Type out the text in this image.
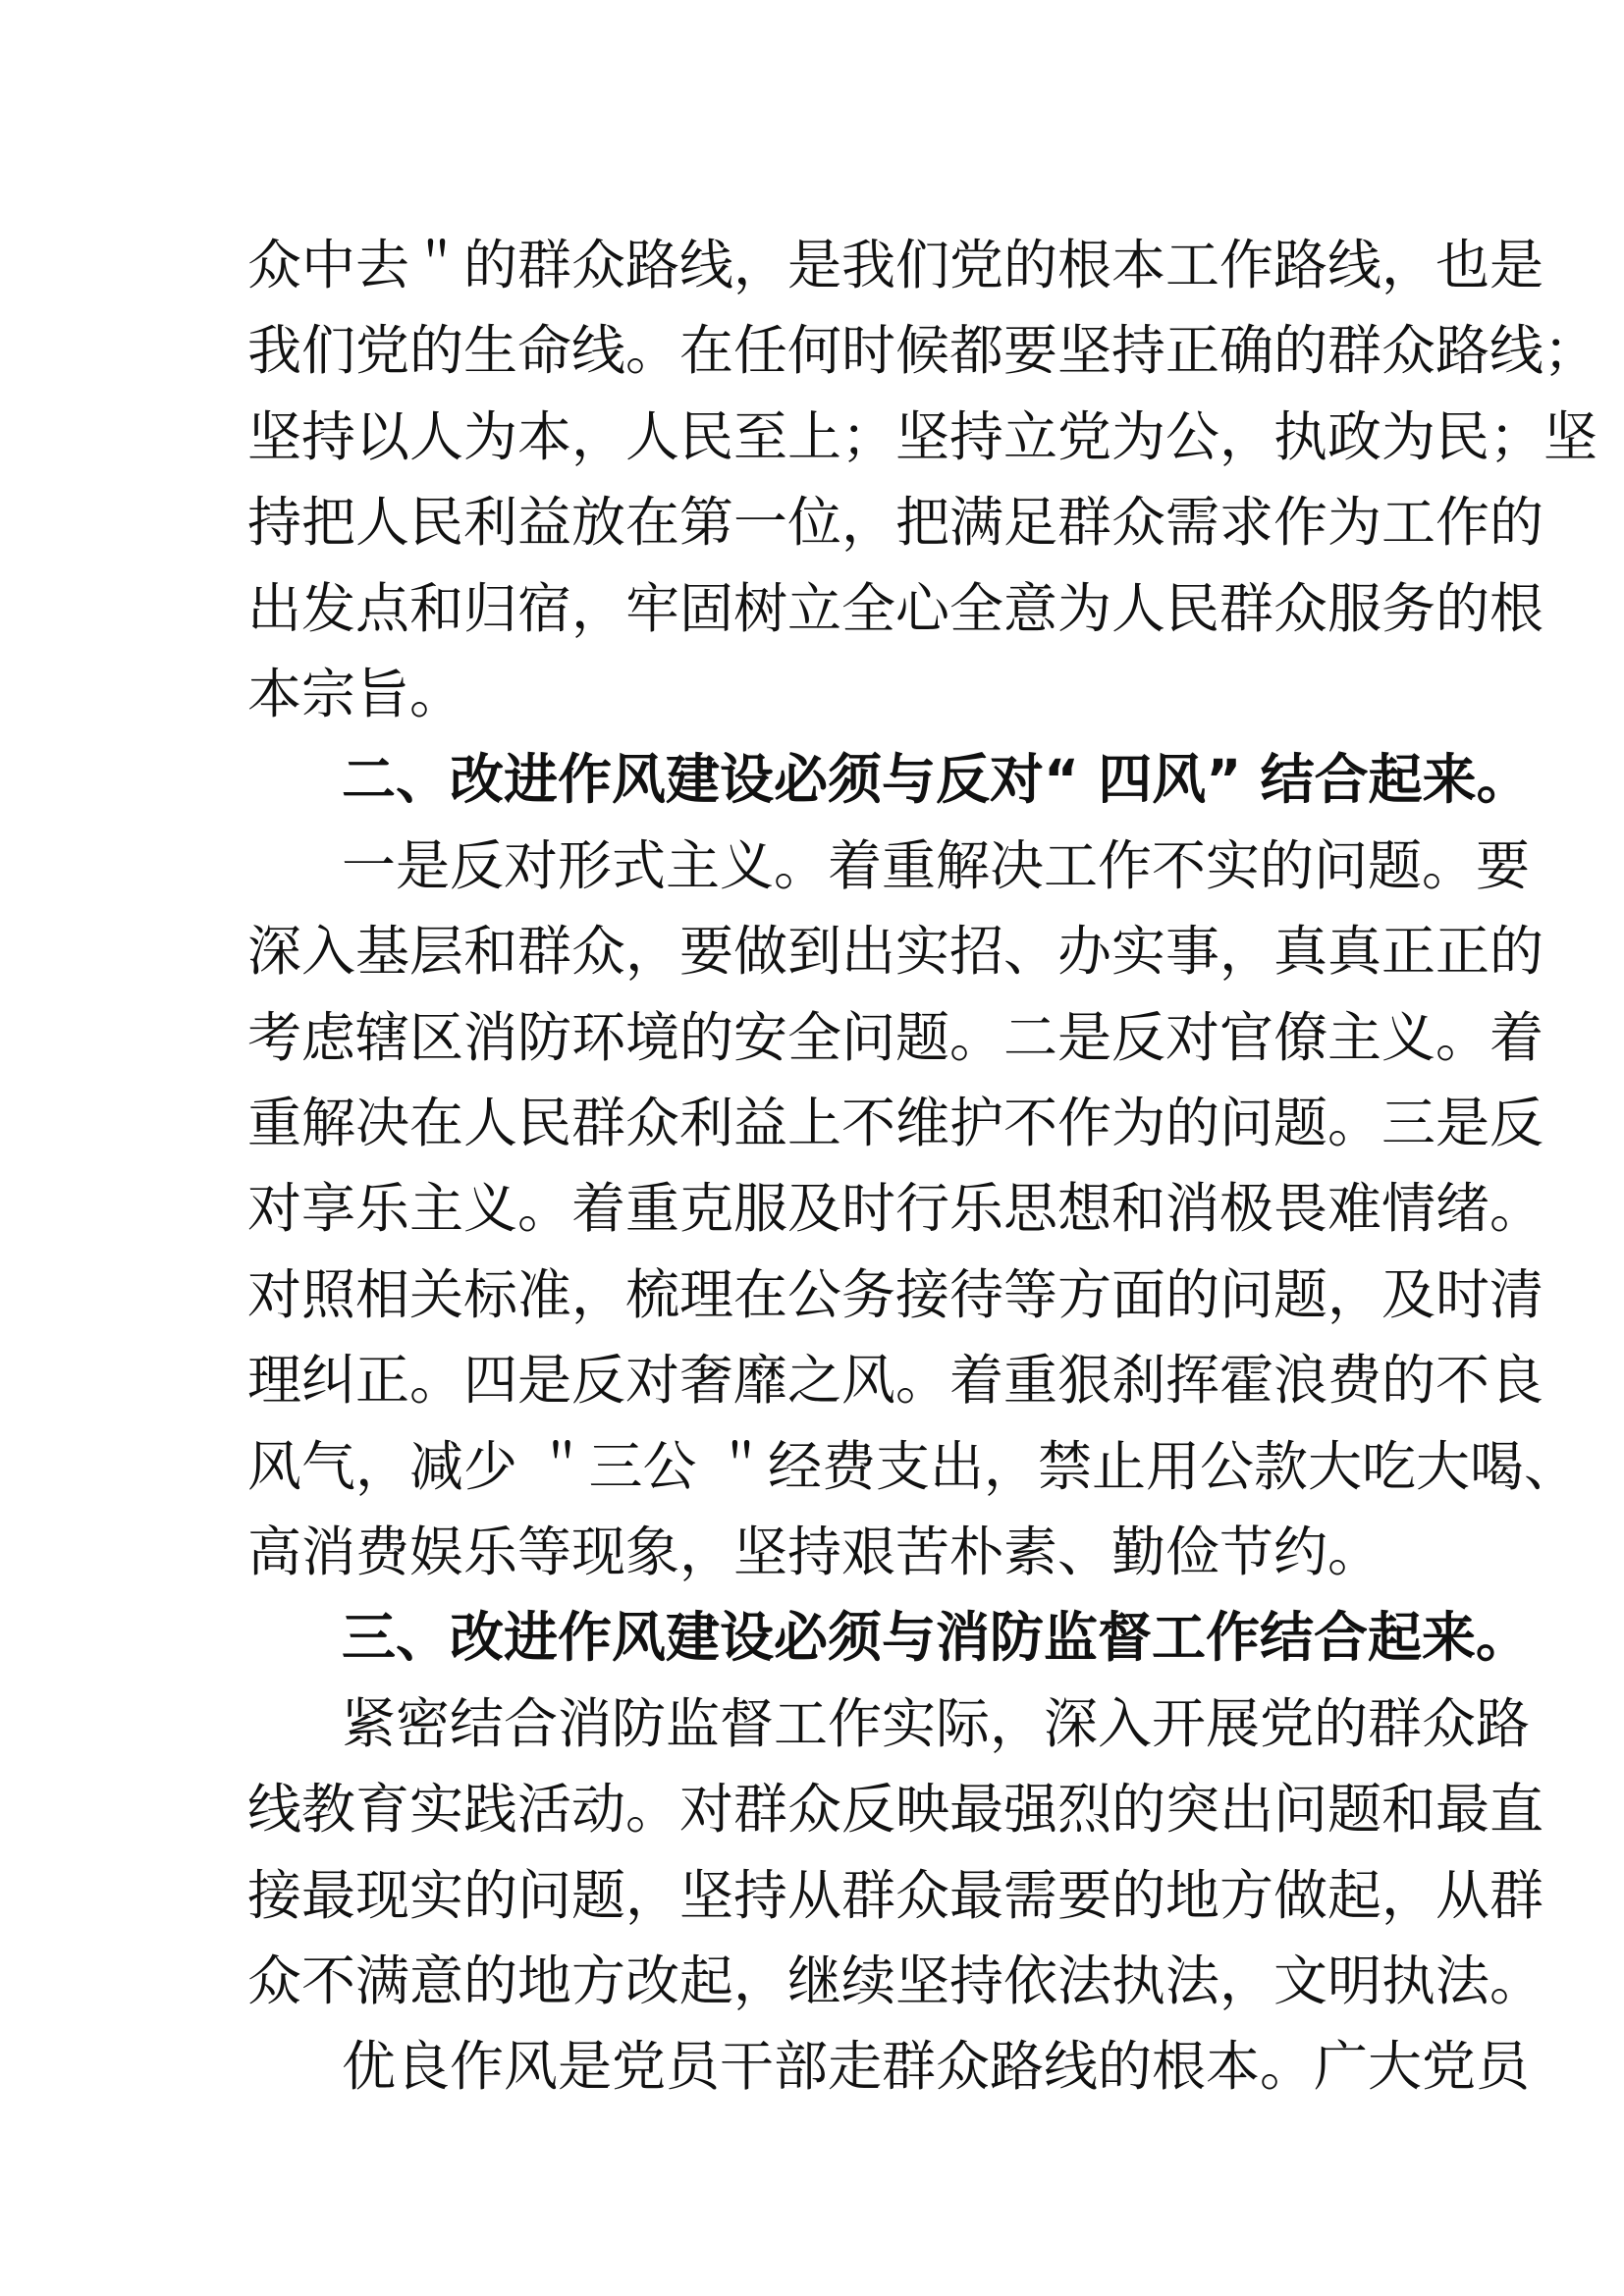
众中去＂的群众路线，是我们党的根本工作路线，也是
我们党的生命线。在任何时候都要坚持正确的群众路线；
坚持以人为本，人民至上；坚持立党为公，执政为民；坚
持把人民利益放在第一位，把满足群众需求作为工作的
出发点和归宿，牢固树立全心全意为人民群众服务的根
本宗旨。
二、改进作风建设必须与反对“ 四风” 结合起来。
一是反对形式主义。着重解决工作不实的问题。要
深入基层和群众，要做到出实招、办实事，真真正正的
考虑辖区消防环境的安全问题。二是反对官僚主义。着
重解决在人民群众利益上不维护不作为的问题。三是反
对享乐主义。着重克服及时行乐思想和消极畏难情绪。
对照相关标准，梳理在公务接待等方面的问题，及时清
理纠正。四是反对奢靡之风。着重狠刹挥霍浪费的不良
风气，减少 ＂三公 ＂经费支出，禁止用公款大吃大喝、
高消费娱乐等现象，坚持艰苦朴素、勤俭节约。
三、改进作风建设必须与消防监督工作结合起来。
紧密结合消防监督工作实际，深入开展党的群众路
线教育实践活动。对群众反映最强烈的突出问题和最直
接最现实的问题，坚持从群众最需要的地方做起，从群
众不满意的地方改起，继续坚持依法执法，文明执法。
优良作风是党员干部走群众路线的根本。广大党员
